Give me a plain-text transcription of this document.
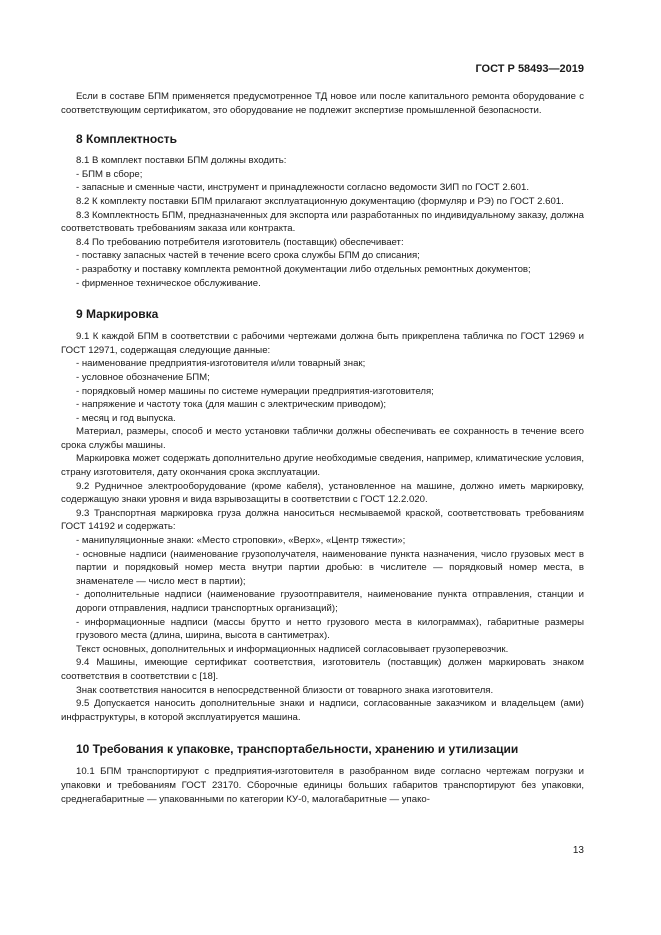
ГОСТ Р 58493—2019

Если в составе БПМ применяется предусмотренное ТД новое или после капитального ремонта оборудование с соответствующим сертификатом, это оборудование не подлежит экспертизе промышленной безопасности.

8 Комплектность

8.1 В комплект поставки БПМ должны входить:

- БПМ в сборе;

- запасные и сменные части, инструмент и принадлежности согласно ведомости ЗИП по ГОСТ 2.601.

8.2 К комплекту поставки БПМ прилагают эксплуатационную документацию (формуляр и РЭ) по ГОСТ 2.601.

8.3 Комплектность БПМ, предназначенных для экспорта или разработанных по индивидуальному заказу, должна соответствовать требованиям заказа или контракта.

8.4 По требованию потребителя изготовитель (поставщик) обеспечивает:

- поставку запасных частей в течение всего срока службы БПМ до списания;

- разработку и поставку комплекта ремонтной документации либо отдельных ремонтных документов;

- фирменное техническое обслуживание.

9 Маркировка

9.1 К каждой БПМ в соответствии с рабочими чертежами должна быть прикреплена табличка по ГОСТ 12969 и ГОСТ 12971, содержащая следующие данные:

- наименование предприятия-изготовителя и/или товарный знак;

- условное обозначение БПМ;

- порядковый номер машины по системе нумерации предприятия-изготовителя;

- напряжение и частоту тока (для машин с электрическим приводом);

- месяц и год выпуска.

Материал, размеры, способ и место установки таблички должны обеспечивать ее сохранность в течение всего срока службы машины.

Маркировка может содержать дополнительно другие необходимые сведения, например, климатические условия, страну изготовителя, дату окончания срока эксплуатации.

9.2 Рудничное электрооборудование (кроме кабеля), установленное на машине, должно иметь маркировку, содержащую знаки уровня и вида взрывозащиты в соответствии с ГОСТ 12.2.020.

9.3 Транспортная маркировка груза должна наноситься несмываемой краской, соответствовать требованиям ГОСТ 14192 и содержать:

- манипуляционные знаки: «Место строповки», «Верх», «Центр тяжести»;

- основные надписи (наименование грузополучателя, наименование пункта назначения, число грузовых мест в партии и порядковый номер места внутри партии дробью: в числителе — порядковый номер места, в знаменателе — число мест в партии);

- дополнительные надписи (наименование грузоотправителя, наименование пункта отправления, станции и дороги отправления, надписи транспортных организаций);

- информационные надписи (массы брутто и нетто грузового места в килограммах), габаритные размеры грузового места (длина, ширина, высота в сантиметрах).

Текст основных, дополнительных и информационных надписей согласовывает грузоперевозчик.

9.4 Машины, имеющие сертификат соответствия, изготовитель (поставщик) должен маркировать знаком соответствия в соответствии с [18].

Знак соответствия наносится в непосредственной близости от товарного знака изготовителя.

9.5 Допускается наносить дополнительные знаки и надписи, согласованные заказчиком и владельцем (ами) инфраструктуры, в которой эксплуатируется машина.

10 Требования к упаковке, транспортабельности, хранению и утилизации

10.1 БПМ транспортируют с предприятия-изготовителя в разобранном виде согласно чертежам погрузки и упаковки и требованиям ГОСТ 23170. Сборочные единицы больших габаритов транспортируют без упаковки, среднегабаритные — упакованными по категории КУ-0, малогабаритные — упако-

13
